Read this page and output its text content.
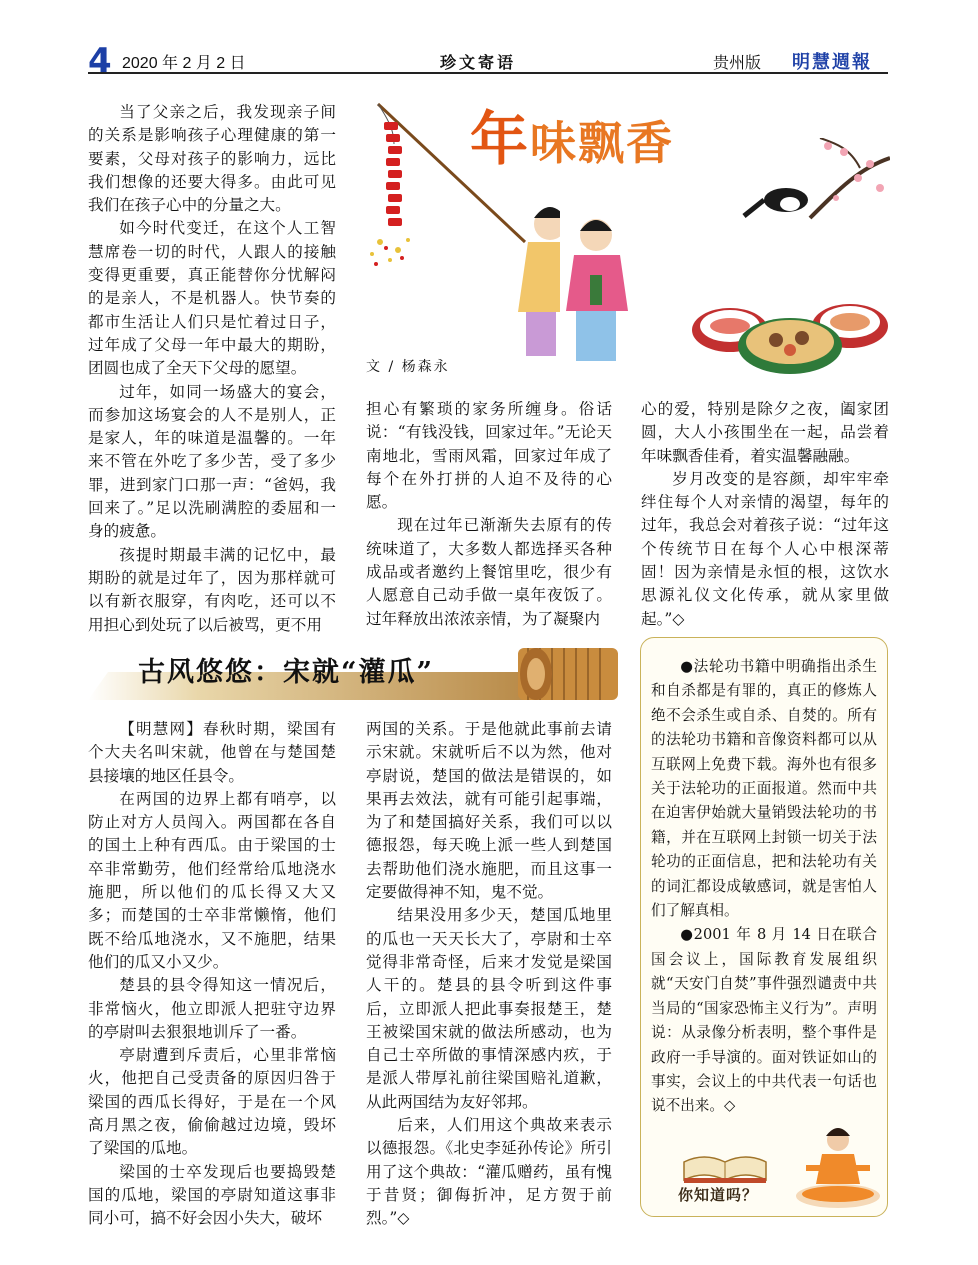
4 2020 年 2 月 2 日	珍文寄语	贵州版 明慧週報

当了父亲之后，我发现亲子间的关系是影响孩子心理健康的第一要素，父母对孩子的影响力，远比我们想像的还要大得多。由此可见我们在孩子心中的分量之大。

如今时代变迁，在这个人工智慧席卷一切的时代，人跟人的接触变得更重要，真正能替你分忧解闷的是亲人，不是机器人。快节奏的都市生活让人们只是忙着过日子，过年成了父母一年中最大的期盼，团圆也成了全天下父母的愿望。

过年，如同一场盛大的宴会，而参加这场宴会的人不是别人，正是家人，年的味道是温馨的。一年来不管在外吃了多少苦，受了多少罪，进到家门口那一声：“爸妈，我回来了。”足以洗刷满腔的委屈和一身的疲惫。

孩提时期最丰满的记忆中，最期盼的就是过年了，因为那样就可以有新衣服穿，有肉吃，还可以不用担心到处玩了以后被骂，更不用

年味飘香
文 / 杨森永

担心有繁琐的家务所缠身。俗话说：“有钱没钱，回家过年。”无论天南地北，雪雨风霜，回家过年成了每个在外打拼的人迫不及待的心愿。

现在过年已渐渐失去原有的传统味道了，大多数人都选择买各种成品或者邀约上餐馆里吃，很少有人愿意自己动手做一桌年夜饭了。过年释放出浓浓亲情，为了凝聚内

心的爱，特别是除夕之夜，阖家团圆，大人小孩围坐在一起，品尝着年味飘香佳肴，着实温馨融融。

岁月改变的是容颜，却牢牢牵绊住每个人对亲情的渴望，每年的过年，我总会对着孩子说：“过年这个传统节日在每个人心中根深蒂固！因为亲情是永恒的根，这饮水思源礼仪文化传承，就从家里做起。”◇

古风悠悠：宋就“灌瓜”

【明慧网】春秋时期，梁国有个大夫名叫宋就，他曾在与楚国楚县接壤的地区任县令。

在两国的边界上都有哨亭，以防止对方人员闯入。两国都在各自的国土上种有西瓜。由于梁国的士卒非常勤劳，他们经常给瓜地浇水施肥，所以他们的瓜长得又大又多；而楚国的士卒非常懒惰，他们既不给瓜地浇水，又不施肥，结果他们的瓜又小又少。

楚县的县令得知这一情况后，非常恼火，他立即派人把驻守边界的亭尉叫去狠狠地训斥了一番。

亭尉遭到斥责后，心里非常恼火，他把自己受责备的原因归咎于梁国的西瓜长得好，于是在一个风高月黑之夜，偷偷越过边境，毁坏了梁国的瓜地。

梁国的士卒发现后也要捣毁楚国的瓜地，梁国的亭尉知道这事非同小可，搞不好会因小失大，破坏

两国的关系。于是他就此事前去请示宋就。宋就听后不以为然，他对亭尉说，楚国的做法是错误的，如果再去效法，就有可能引起事端，为了和楚国搞好关系，我们可以以德报怨，每天晚上派一些人到楚国去帮助他们浇水施肥，而且这事一定要做得神不知，鬼不觉。

结果没用多少天，楚国瓜地里的瓜也一天天长大了，亭尉和士卒觉得非常奇怪，后来才发觉是梁国人干的。楚县的县令听到这件事后，立即派人把此事奏报楚王，楚王被梁国宋就的做法所感动，也为自己士卒所做的事情深感内疚，于是派人带厚礼前往梁国赔礼道歉，从此两国结为友好邻邦。

后来，人们用这个典故来表示以德报怨。《北史李延孙传论》所引用了这个典故：“灌瓜赠药，虽有愧于昔贤；御侮折冲，足方贺于前烈。”◇

●法轮功书籍中明确指出杀生和自杀都是有罪的，真正的修炼人绝不会杀生或自杀、自焚的。所有的法轮功书籍和音像资料都可以从互联网上免费下载。海外也有很多关于法轮功的正面报道。然而中共在迫害伊始就大量销毁法轮功的书籍，并在互联网上封锁一切关于法轮功的正面信息，把和法轮功有关的词汇都设成敏感词，就是害怕人们了解真相。

●2001 年 8 月 14 日在联合国会议上，国际教育发展组织就“天安门自焚”事件强烈谴责中共当局的“国家恐怖主义行为”。声明说：从录像分析表明，整个事件是政府一手导演的。面对铁证如山的事实，会议上的中共代表一句话也说不出来。◇

你知道吗？
